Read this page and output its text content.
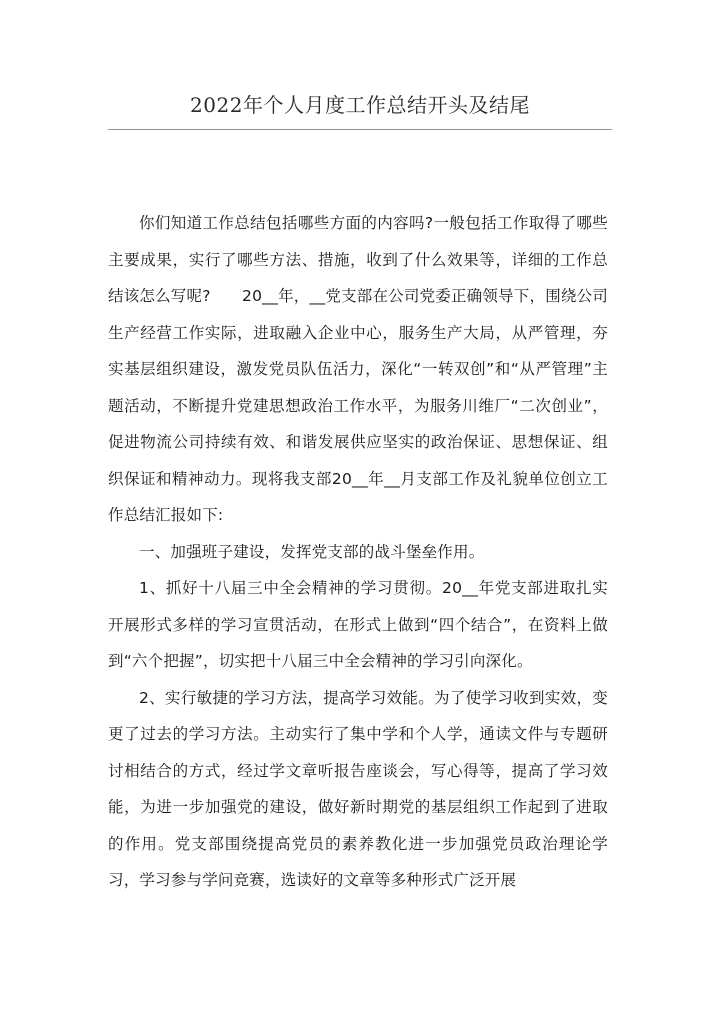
2022年个人月度工作总结开头及结尾

你们知道工作总结包括哪些方面的内容吗?一般包括工作取得了哪些主要成果，实行了哪些方法、措施，收到了什么效果等，详细的工作总结该怎么写呢?　　20__年，__党支部在公司党委正确领导下，围绕公司生产经营工作实际，进取融入企业中心，服务生产大局，从严管理，夯实基层组织建设，激发党员队伍活力，深化“一转双创”和“从严管理”主题活动，不断提升党建思想政治工作水平，为服务川维厂“二次创业”，促进物流公司持续有效、和谐发展供应坚实的政治保证、思想保证、组织保证和精神动力。现将我支部20__年__月支部工作及礼貌单位创立工作总结汇报如下:

一、加强班子建设，发挥党支部的战斗堡垒作用。

1、抓好十八届三中全会精神的学习贯彻。20__年党支部进取扎实开展形式多样的学习宣贯活动，在形式上做到“四个结合”，在资料上做到“六个把握”，切实把十八届三中全会精神的学习引向深化。

2、实行敏捷的学习方法，提高学习效能。为了使学习收到实效，变更了过去的学习方法。主动实行了集中学和个人学，通读文件与专题研讨相结合的方式，经过学文章听报告座谈会，写心得等，提高了学习效能，为进一步加强党的建设，做好新时期党的基层组织工作起到了进取的作用。党支部围绕提高党员的素养教化进一步加强党员政治理论学习，学习参与学问竞赛，选读好的文章等多种形式广泛开展
